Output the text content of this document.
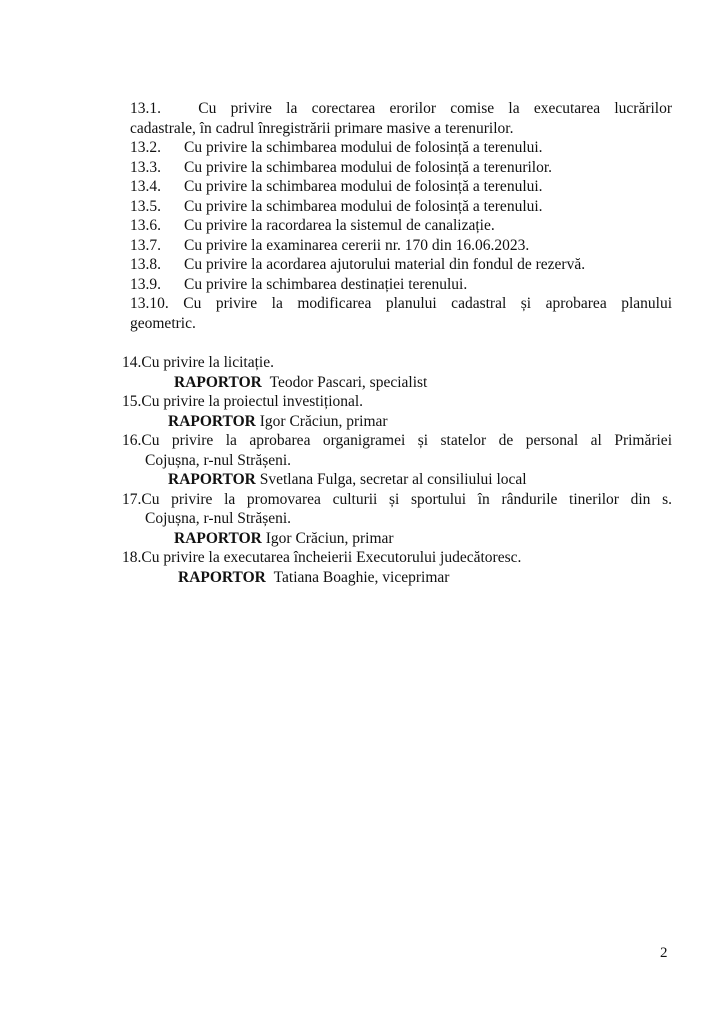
13.1. Cu privire la corectarea erorilor comise la executarea lucrărilor
cadastrale, în cadrul înregistrării primare masive a terenurilor.
13.2. Cu privire la schimbarea modului de folosință a terenului.
13.3. Cu privire la schimbarea modului de folosință a terenurilor.
13.4. Cu privire la schimbarea modului de folosință a terenului.
13.5. Cu privire la schimbarea modului de folosință a terenului.
13.6. Cu privire la racordarea la sistemul de canalizație.
13.7. Cu privire la examinarea cererii nr. 170 din 16.06.2023.
13.8. Cu privire la acordarea ajutorului material din fondul de rezervă.
13.9. Cu privire la schimbarea destinației terenului.
13.10. Cu privire la modificarea planului cadastral și aprobarea planului
geometric.
14.Cu privire la licitație.
RAPORTOR Teodor Pascari, specialist
15.Cu privire la proiectul investițional.
RAPORTOR Igor Crăciun, primar
16.Cu privire la aprobarea organigramei și statelor de personal al Primăriei
Cojușna, r-nul Strășeni.
RAPORTOR Svetlana Fulga, secretar al consiliului local
17.Cu privire la promovarea culturii și sportului în rândurile tinerilor din s.
Cojușna, r-nul Strășeni.
RAPORTOR Igor Crăciun, primar
18.Cu privire la executarea încheierii Executorului judecătoresc.
RAPORTOR Tatiana Boaghie, viceprimar
2
